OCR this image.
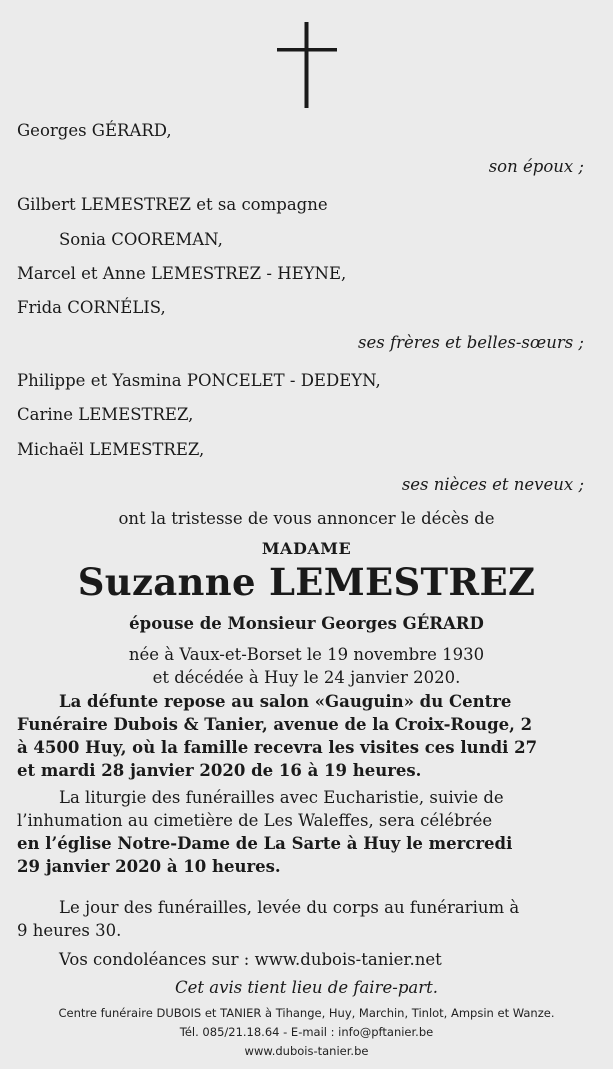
Georges GÉRARD,
son époux ;
Gilbert LEMESTREZ et sa compagne
Sonia COOREMAN,
Marcel et Anne LEMESTREZ - HEYNE,
Frida CORNÉLIS,
ses frères et belles-sœurs ;
Philippe et Yasmina PONCELET - DEDEYN,
Carine LEMESTREZ,
Michaël LEMESTREZ,
ses nièces et neveux ;
ont la tristesse de vous annoncer le décès de
MADAME
Suzanne LEMESTREZ
épouse de Monsieur Georges GÉRARD
née à Vaux-et-Borset le 19 novembre 1930
et décédée à Huy le 24 janvier 2020.
La défunte repose au salon «Gauguin» du Centre
Funéraire Dubois & Tanier, avenue de la Croix-Rouge, 2
à 4500 Huy, où la famille recevra les visites ces lundi 27
et mardi 28 janvier 2020 de 16 à 19 heures.
La liturgie des funérailles avec Eucharistie, suivie de
l’inhumation au cimetière de Les Waleffes, sera célébrée
en l’église Notre-Dame de La Sarte à Huy le mercredi
29 janvier 2020 à 10 heures.
Le jour des funérailles, levée du corps au funérarium à
9 heures 30.
Vos condoléances sur : www.dubois-tanier.net
Cet avis tient lieu de faire-part.
Centre funéraire DUBOIS et TANIER à Tihange, Huy, Marchin, Tinlot, Ampsin et Wanze.
Tél. 085/21.18.64 - E-mail : info@pftanier.be
www.dubois-tanier.be
